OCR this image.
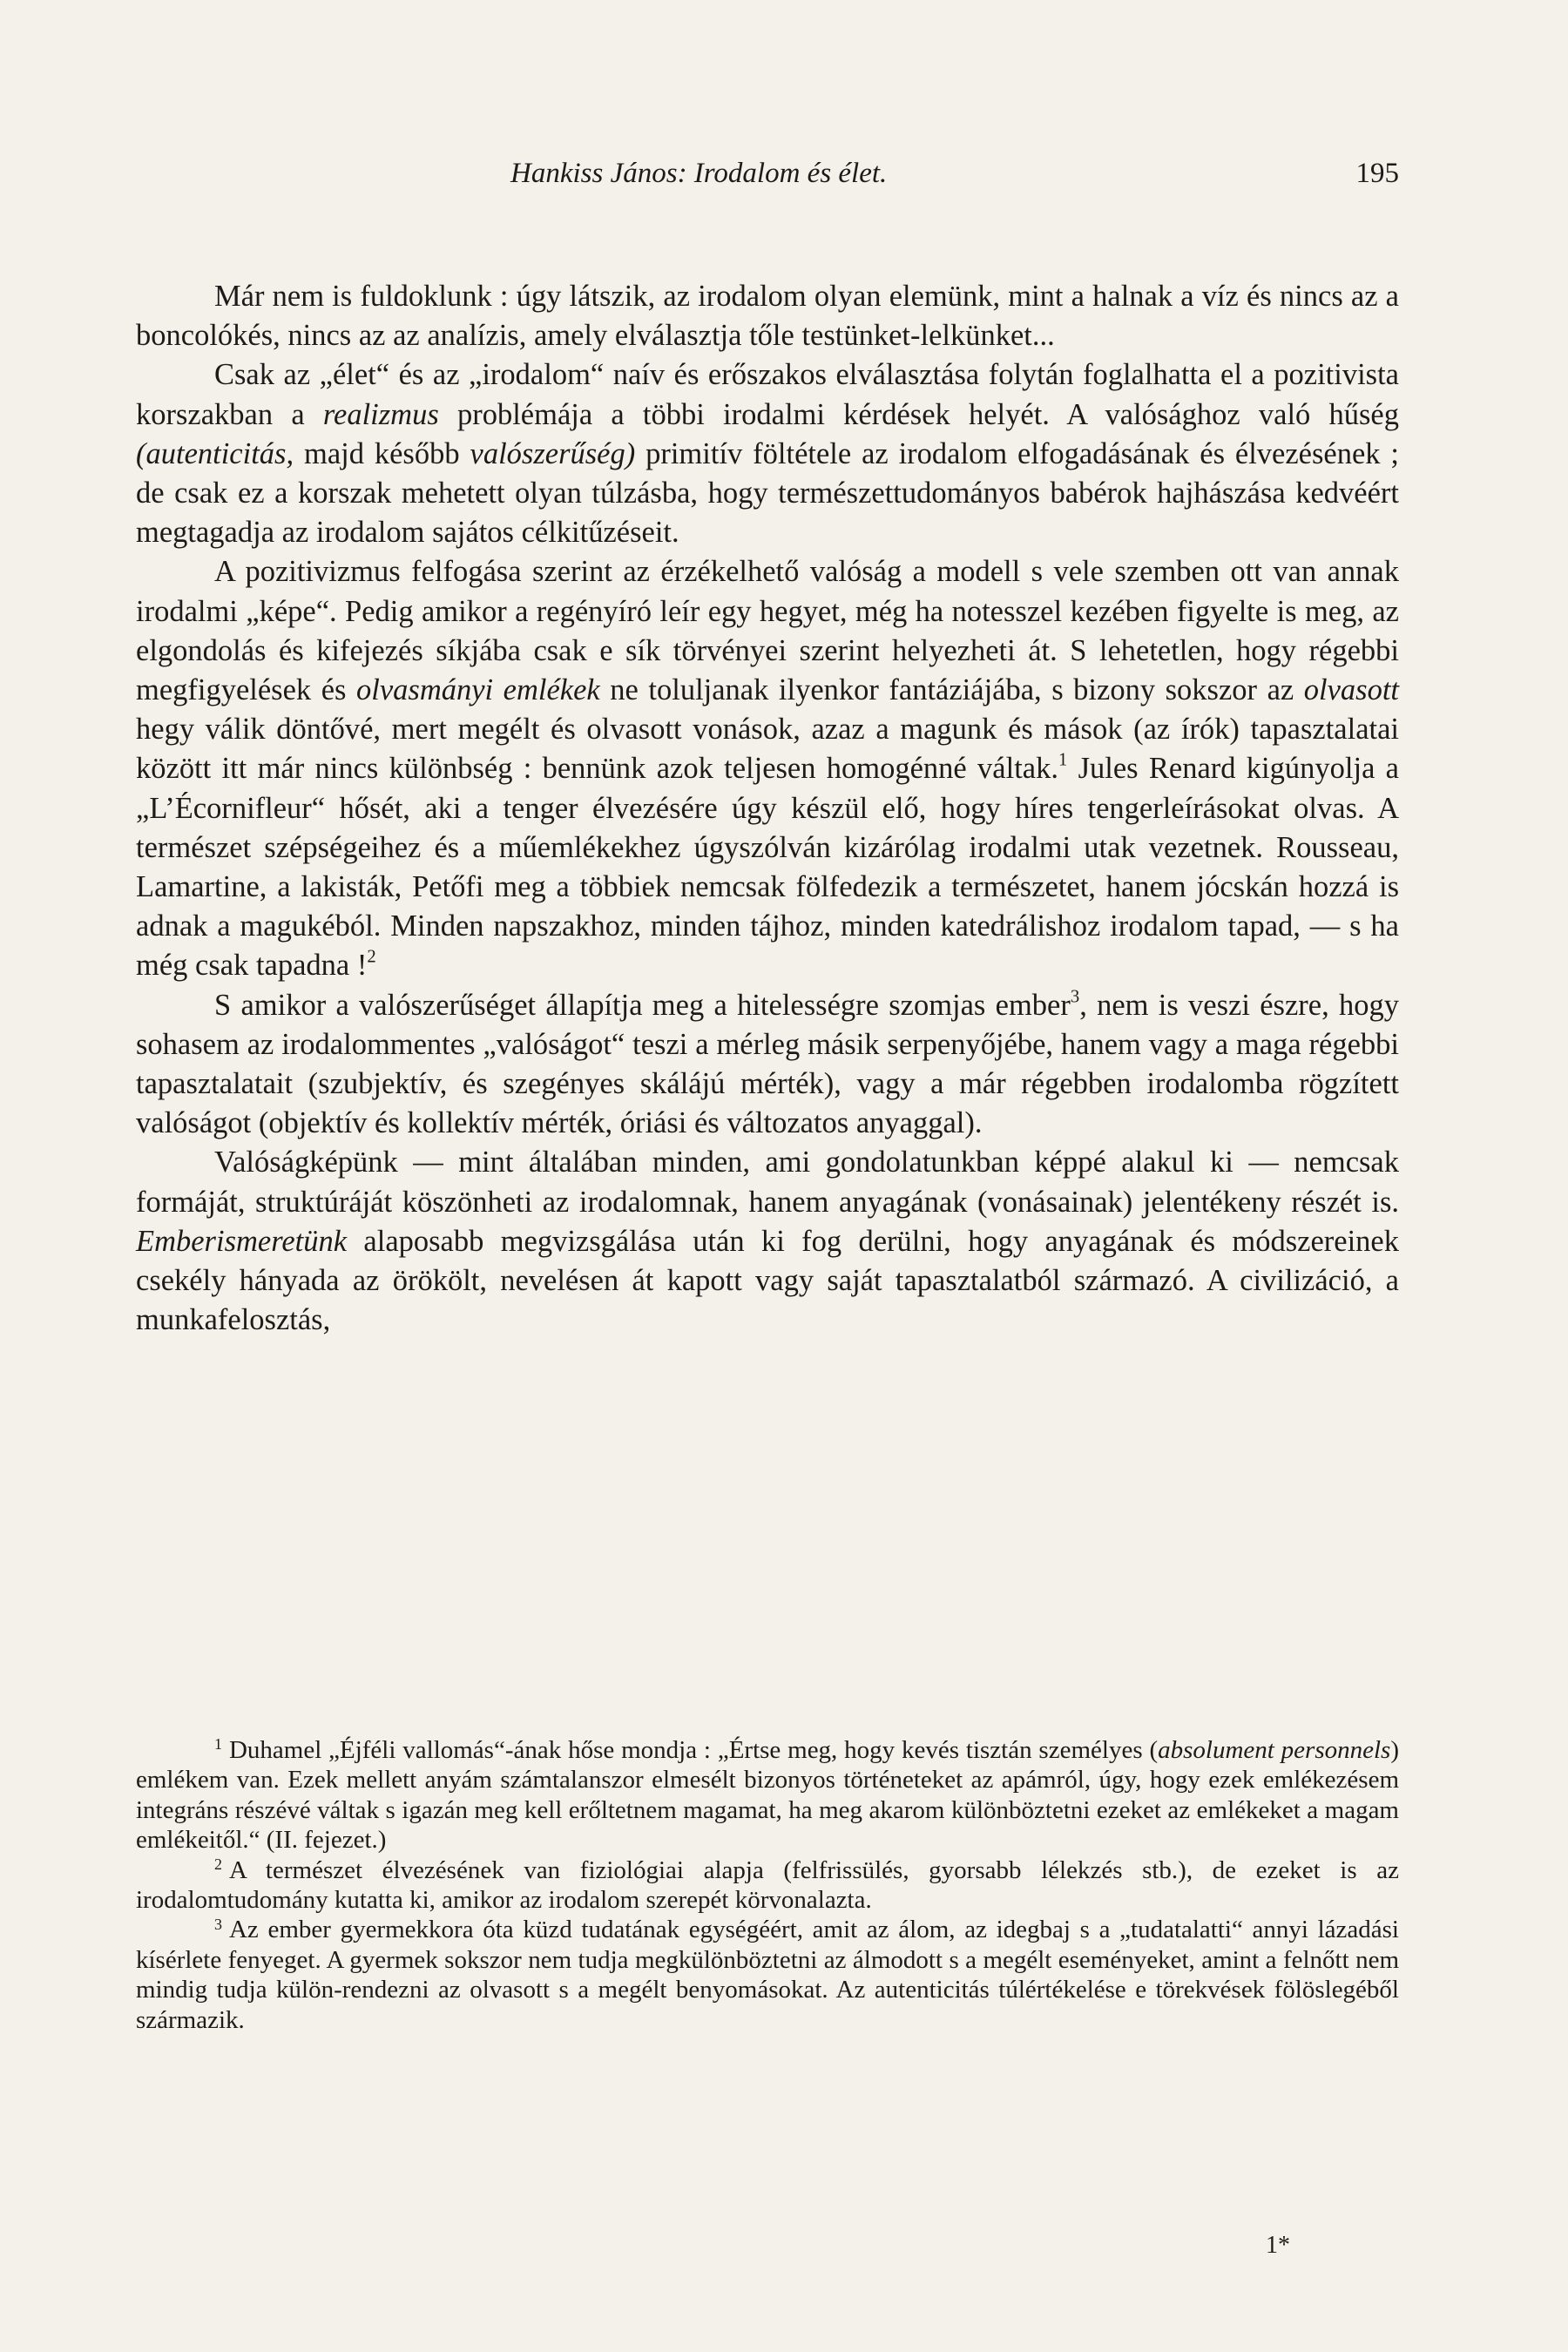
Hankiss János: Irodalom és élet.	195

Már nem is fuldoklunk : úgy látszik, az irodalom olyan elemünk, mint a halnak a víz és nincs az a boncolókés, nincs az az analízis, amely elválasztja tőle testünket-lelkünket...

Csak az „élet“ és az „irodalom“ naív és erőszakos elválasztása folytán foglalhatta el a pozitivista korszakban a realizmus problémája a többi irodalmi kérdések helyét. A valósághoz való hűség (autenticitás, majd később valószerűség) primitív föltétele az irodalom elfogadásának és élvezésének ; de csak ez a korszak mehetett olyan túlzásba, hogy természettudományos babérok hajhászása kedvéért megtagadja az irodalom sajátos célkitűzéseit.

A pozitivizmus felfogása szerint az érzékelhető valóság a modell s vele szemben ott van annak irodalmi „képe“. Pedig amikor a regényíró leír egy hegyet, még ha notesszel kezében figyelte is meg, az elgondolás és kifejezés síkjába csak e sík törvényei szerint helyezheti át. S lehetetlen, hogy régebbi megfigyelések és olvasmányi emlékek ne toluljanak ilyenkor fantáziájába, s bizony sokszor az olvasott hegy válik döntővé, mert megélt és olvasott vonások, azaz a magunk és mások (az írók) tapasztalatai között itt már nincs különbség : bennünk azok teljesen homogénné váltak.$^1$ Jules Renard kigúnyolja a „L’Écornifleur“ hősét, aki a tenger élvezésére úgy készül elő, hogy híres tengerleírásokat olvas. A természet szépségeihez és a műemlékekhez úgyszólván kizárólag irodalmi utak vezetnek. Rousseau, Lamartine, a lakisták, Petőfi meg a többiek nemcsak fölfedezik a természetet, hanem jócskán hozzá is adnak a magukéból. Minden napszakhoz, minden tájhoz, minden katedrálishoz irodalom tapad, — s ha még csak tapadna !$^2$

S amikor a valószerűséget állapítja meg a hitelességre szomjas ember$^3$, nem is veszi észre, hogy sohasem az irodalommentes „valóságot“ teszi a mérleg másik serpenyőjébe, hanem vagy a maga régebbi tapasztalatait (szubjektív, és szegényes skálájú mérték), vagy a már régebben irodalomba rögzített valóságot (objektív és kollektív mérték, óriási és változatos anyaggal).

Valóságképünk — mint általában minden, ami gondolatunkban képpé alakul ki — nemcsak formáját, struktúráját köszönheti az irodalomnak, hanem anyagának (vonásainak) jelentékeny részét is. Emberismeretünk alaposabb megvizsgálása után ki fog derülni, hogy anyagának és módszereinek csekély hányada az örökölt, nevelésen át kapott vagy saját tapasztalatból származó. A civilizáció, a munkafelosztás,

$^1$ Duhamel „Éjféli vallomás“-ának hőse mondja : „Értse meg, hogy kevés tisztán személyes (absolument personnels) emlékem van. Ezek mellett anyám számtalanszor elmesélt bizonyos történeteket az apámról, úgy, hogy ezek emlékezésem integráns részévé váltak s igazán meg kell erőltetnem magamat, ha meg akarom különböztetni ezeket az emlékeket a magam emlékeitől.“ (II. fejezet.)

$^2$ A természet élvezésének van fiziológiai alapja (felfrissülés, gyorsabb lélekzés stb.), de ezeket is az irodalomtudomány kutatta ki, amikor az irodalom szerepét körvonalazta.

$^3$ Az ember gyermekkora óta küzd tudatának egységéért, amit az álom, az idegbaj s a „tudatalatti“ annyi lázadási kísérlete fenyeget. A gyermek sokszor nem tudja megkülönböztetni az álmodott s a megélt eseményeket, amint a felnőtt nem mindig tudja külön-rendezni az olvasott s a megélt benyomásokat. Az autenticitás túlértékelése e törekvések fölöslegéből származik.

1*
